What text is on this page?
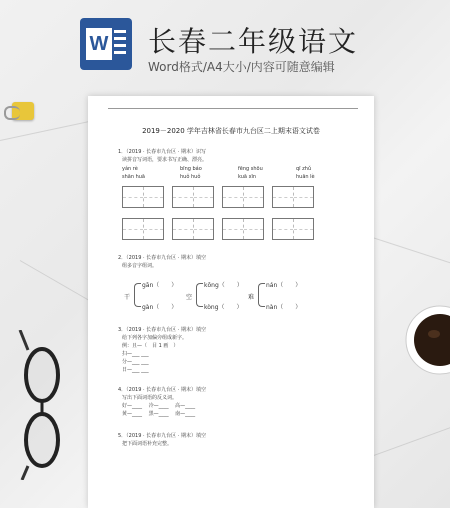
W 长春二年级语文
Word格式/A4大小/内容可随意编辑
2019－2020 学年吉林省长春市九台区二上期末语文试卷
1．（2019 · 长春市九台区 · 期末）识写
读拼音写词语，要求书写正确、漂亮。
yán rè	bīng báo	fēng shōu	qī zhǔ
shān huā	huǒ huǒ	kuā xīn	huān lè
2．（2019 · 长春市九台区 · 期末）填空
组多音字组词。
干
gān（　　）
gàn（　　）
空
kōng（　　）
kòng（　　）
难
nán（　　）
nàn（　　）
3．（2019 · 长春市九台区 · 期末）填空
给下列各字加偏旁组成新字。
例：且—（　目 1 画　）
扫—___ ___
分—___ ___
日—___ ___
4．（2019 · 长春市九台区 · 期末）填空
写出下面词语的反义词。
好—____　 冷—____　 高—____
黄—____　 黑—____　 南—____
5．（2019 · 长春市九台区 · 期末）填空
把下面词语补充完整。
